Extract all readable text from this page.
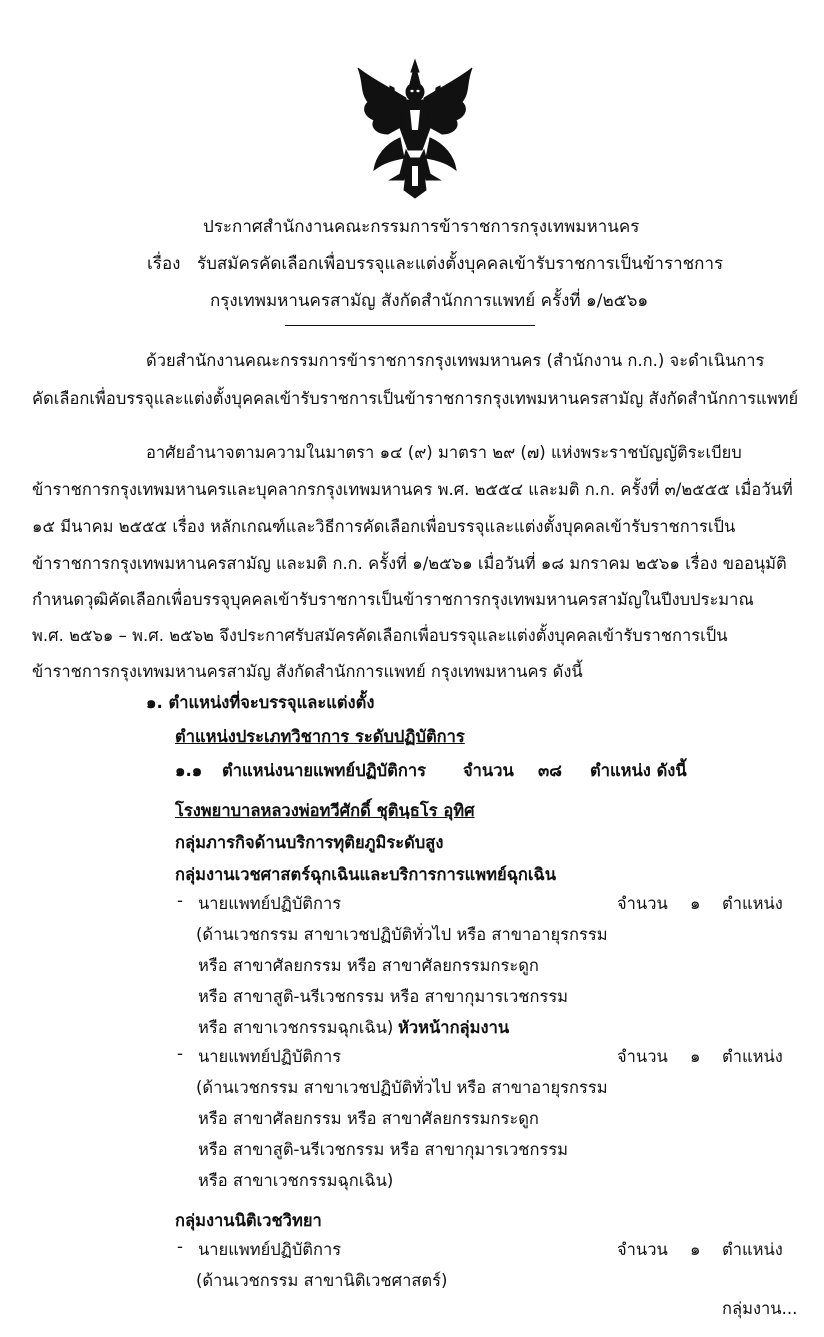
ประกาศสำนักงานคณะกรรมการข้าราชการกรุงเทพมหานคร
เรื่อง รับสมัครคัดเลือกเพื่อบรรจุและแต่งตั้งบุคคลเข้ารับราชการเป็นข้าราชการ
กรุงเทพมหานครสามัญ สังกัดสำนักการแพทย์ ครั้งที่ ๑/๒๕๖๑
ด้วยสำนักงานคณะกรรมการข้าราชการกรุงเทพมหานคร (สำนักงาน ก.ก.) จะดำเนินการ
คัดเลือกเพื่อบรรจุและแต่งตั้งบุคคลเข้ารับราชการเป็นข้าราชการกรุงเทพมหานครสามัญ สังกัดสำนักการแพทย์
อาศัยอำนาจตามความในมาตรา ๑๔ (๙) มาตรา ๒๙ (๗) แห่งพระราชบัญญัติระเบียบ
ข้าราชการกรุงเทพมหานครและบุคลากรกรุงเทพมหานคร พ.ศ. ๒๕๕๔ และมติ ก.ก. ครั้งที่ ๓/๒๕๕๕ เมื่อวันที่
๑๕ มีนาคม ๒๕๕๕ เรื่อง หลักเกณฑ์และวิธีการคัดเลือกเพื่อบรรจุและแต่งตั้งบุคคลเข้ารับราชการเป็น
ข้าราชการกรุงเทพมหานครสามัญ และมติ ก.ก. ครั้งที่ ๑/๒๕๖๑ เมื่อวันที่ ๑๘ มกราคม ๒๕๖๑ เรื่อง ขออนุมัติ
กำหนดวุฒิคัดเลือกเพื่อบรรจุบุคคลเข้ารับราชการเป็นข้าราชการกรุงเทพมหานครสามัญในปีงบประมาณ
พ.ศ. ๒๕๖๑ – พ.ศ. ๒๕๖๒ จึงประกาศรับสมัครคัดเลือกเพื่อบรรจุและแต่งตั้งบุคคลเข้ารับราชการเป็น
ข้าราชการกรุงเทพมหานครสามัญ สังกัดสำนักการแพทย์ กรุงเทพมหานคร ดังนี้
๑. ตำแหน่งที่จะบรรจุและแต่งตั้ง
ตำแหน่งประเภทวิชาการ ระดับปฏิบัติการ
๑.๑ ตำแหน่งนายแพทย์ปฏิบัติการ จำนวน ๓๘ ตำแหน่ง ดังนี้
โรงพยาบาลหลวงพ่อทวีศักดิ์ ชุตินฺธโร อุทิศ
กลุ่มภารกิจด้านบริการทุติยภูมิระดับสูง
กลุ่มงานเวชศาสตร์ฉุกเฉินและบริการการแพทย์ฉุกเฉิน
- นายแพทย์ปฏิบัติการ	จำนวน ๑ ตำแหน่ง
(ด้านเวชกรรม สาขาเวชปฏิบัติทั่วไป หรือ สาขาอายุรกรรม
หรือ สาขาศัลยกรรม หรือ สาขาศัลยกรรมกระดูก
หรือ สาขาสูติ-นรีเวชกรรม หรือ สาขากุมารเวชกรรม
หรือ สาขาเวชกรรมฉุกเฉิน) หัวหน้ากลุ่มงาน
- นายแพทย์ปฏิบัติการ	จำนวน ๑ ตำแหน่ง
(ด้านเวชกรรม สาขาเวชปฏิบัติทั่วไป หรือ สาขาอายุรกรรม
หรือ สาขาศัลยกรรม หรือ สาขาศัลยกรรมกระดูก
หรือ สาขาสูติ-นรีเวชกรรม หรือ สาขากุมารเวชกรรม
หรือ สาขาเวชกรรมฉุกเฉิน)
กลุ่มงานนิติเวชวิทยา
- นายแพทย์ปฏิบัติการ	จำนวน ๑ ตำแหน่ง
(ด้านเวชกรรม สาขานิติเวชศาสตร์)
กลุ่มงาน...
